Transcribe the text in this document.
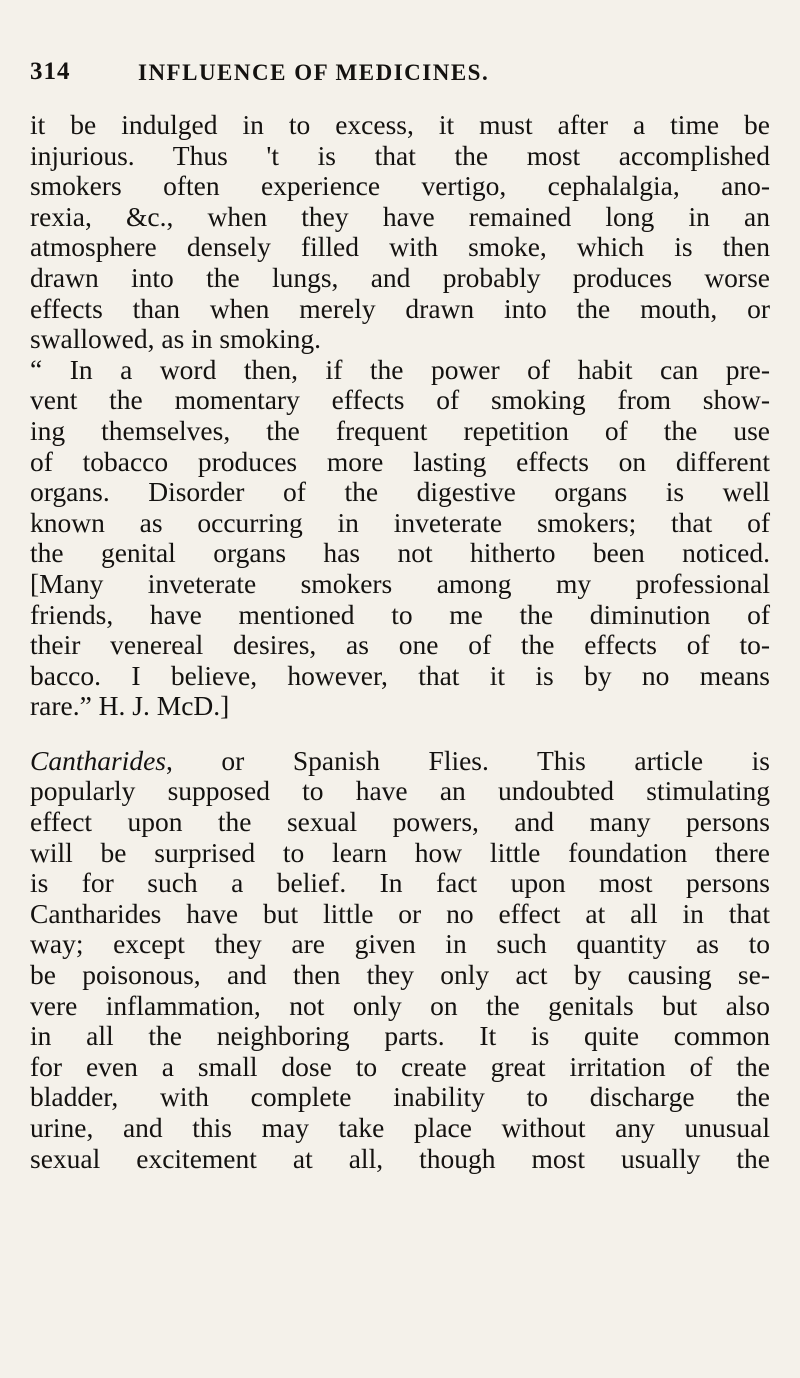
314	INFLUENCE OF MEDICINES.
it be indulged in to excess, it must after a time be
injurious. Thus 't is that the most accomplished
smokers often experience vertigo, cephalalgia, ano-
rexia, &c., when they have remained long in an
atmosphere densely filled with smoke, which is then
drawn into the lungs, and probably produces worse
effects than when merely drawn into the mouth, or
swallowed, as in smoking.
“ In a word then, if the power of habit can pre-
vent the momentary effects of smoking from show-
ing themselves, the frequent repetition of the use
of tobacco produces more lasting effects on different
organs. Disorder of the digestive organs is well
known as occurring in inveterate smokers; that of
the genital organs has not hitherto been noticed.
[Many inveterate smokers among my professional
friends, have mentioned to me the diminution of
their venereal desires, as one of the effects of to-
bacco. I believe, however, that it is by no means
rare.” H. J. McD.]
Cantharides, or Spanish Flies. This article is
popularly supposed to have an undoubted stimulating
effect upon the sexual powers, and many persons
will be surprised to learn how little foundation there
is for such a belief. In fact upon most persons
Cantharides have but little or no effect at all in that
way; except they are given in such quantity as to
be poisonous, and then they only act by causing se-
vere inflammation, not only on the genitals but also
in all the neighboring parts. It is quite common
for even a small dose to create great irritation of the
bladder, with complete inability to discharge the
urine, and this may take place without any unusual
sexual excitement at all, though most usually the
